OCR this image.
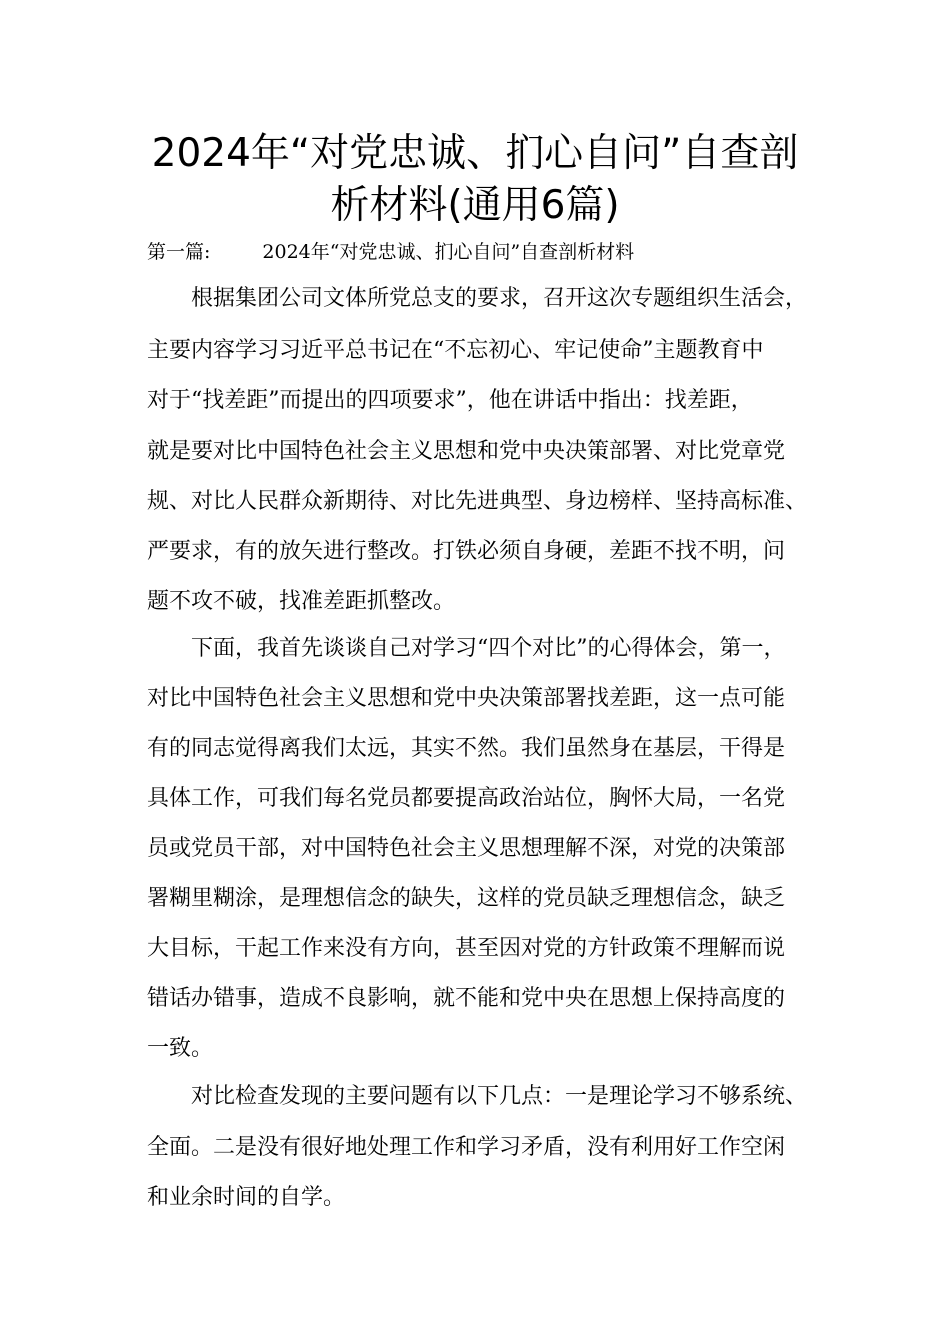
2024年“对党忠诚、扪心自问”自查剖
析材料(通用6篇)
第一篇:	2024年“对党忠诚、扪心自问”自查剖析材料
根据集团公司文体所党总支的要求，召开这次专题组织生活会，
主要内容学习习近平总书记在“不忘初心、牢记使命”主题教育中
对于“找差距”而提出的四项要求”，他在讲话中指出：找差距，
就是要对比中国特色社会主义思想和党中央决策部署、对比党章党
规、对比人民群众新期待、对比先进典型、身边榜样、坚持高标准、
严要求，有的放矢进行整改。打铁必须自身硬，差距不找不明，问
题不攻不破，找准差距抓整改。
下面，我首先谈谈自己对学习“四个对比”的心得体会，第一，
对比中国特色社会主义思想和党中央决策部署找差距，这一点可能
有的同志觉得离我们太远，其实不然。我们虽然身在基层，干得是
具体工作，可我们每名党员都要提高政治站位，胸怀大局，一名党
员或党员干部，对中国特色社会主义思想理解不深，对党的决策部
署糊里糊涂，是理想信念的缺失，这样的党员缺乏理想信念，缺乏
大目标，干起工作来没有方向，甚至因对党的方针政策不理解而说
错话办错事，造成不良影响，就不能和党中央在思想上保持高度的
一致。
对比检查发现的主要问题有以下几点：一是理论学习不够系统、
全面。二是没有很好地处理工作和学习矛盾，没有利用好工作空闲
和业余时间的自学。
